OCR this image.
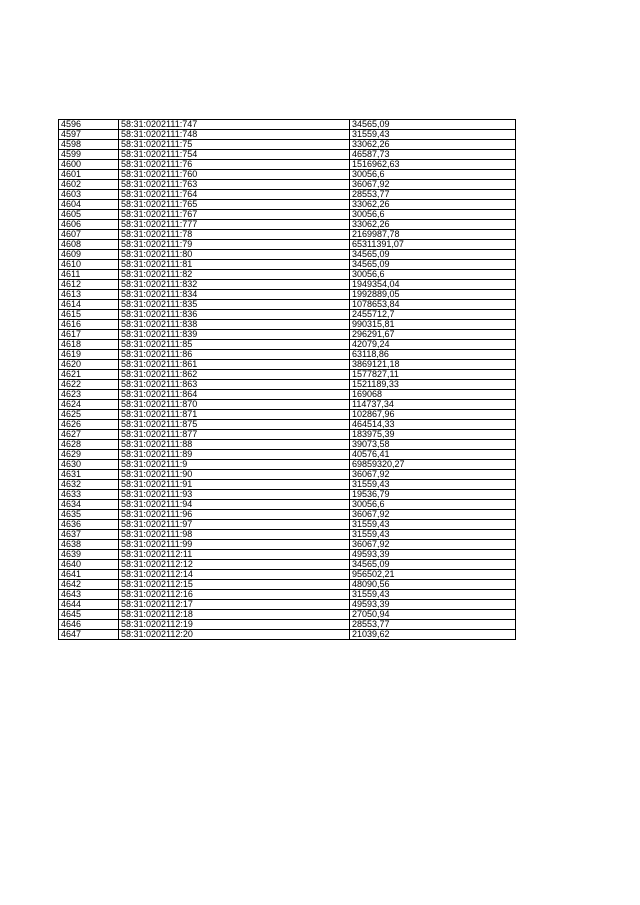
4596	58:31:0202111:747	34565,09
4597	58:31:0202111:748	31559,43
4598	58:31:0202111:75	33062,26
4599	58:31:0202111:754	46587,73
4600	58:31:0202111:76	1516962,63
4601	58:31:0202111:760	30056,6
4602	58:31:0202111:763	36067,92
4603	58:31:0202111:764	28553,77
4604	58:31:0202111:765	33062,26
4605	58:31:0202111:767	30056,6
4606	58:31:0202111:777	33062,26
4607	58:31:0202111:78	2169987,78
4608	58:31:0202111:79	65311391,07
4609	58:31:0202111:80	34565,09
4610	58:31:0202111:81	34565,09
4611	58:31:0202111:82	30056,6
4612	58:31:0202111:832	1949354,04
4613	58:31:0202111:834	1992889,05
4614	58:31:0202111:835	1078653,84
4615	58:31:0202111:836	2455712,7
4616	58:31:0202111:838	990315,81
4617	58:31:0202111:839	296291,67
4618	58:31:0202111:85	42079,24
4619	58:31:0202111:86	63118,86
4620	58:31:0202111:861	3869121,18
4621	58:31:0202111:862	1577827,11
4622	58:31:0202111:863	1521189,33
4623	58:31:0202111:864	169068
4624	58:31:0202111:870	114737,34
4625	58:31:0202111:871	102867,96
4626	58:31:0202111:875	464514,33
4627	58:31:0202111:877	183975,39
4628	58:31:0202111:88	39073,58
4629	58:31:0202111:89	40576,41
4630	58:31:0202111:9	69859320,27
4631	58:31:0202111:90	36067,92
4632	58:31:0202111:91	31559,43
4633	58:31:0202111:93	19536,79
4634	58:31:0202111:94	30056,6
4635	58:31:0202111:96	36067,92
4636	58:31:0202111:97	31559,43
4637	58:31:0202111:98	31559,43
4638	58:31:0202111:99	36067,92
4639	58:31:0202112:11	49593,39
4640	58:31:0202112:12	34565,09
4641	58:31:0202112:14	956502,21
4642	58:31:0202112:15	48090,56
4643	58:31:0202112:16	31559,43
4644	58:31:0202112:17	49593,39
4645	58:31:0202112:18	27050,94
4646	58:31:0202112:19	28553,77
4647	58:31:0202112:20	21039,62
